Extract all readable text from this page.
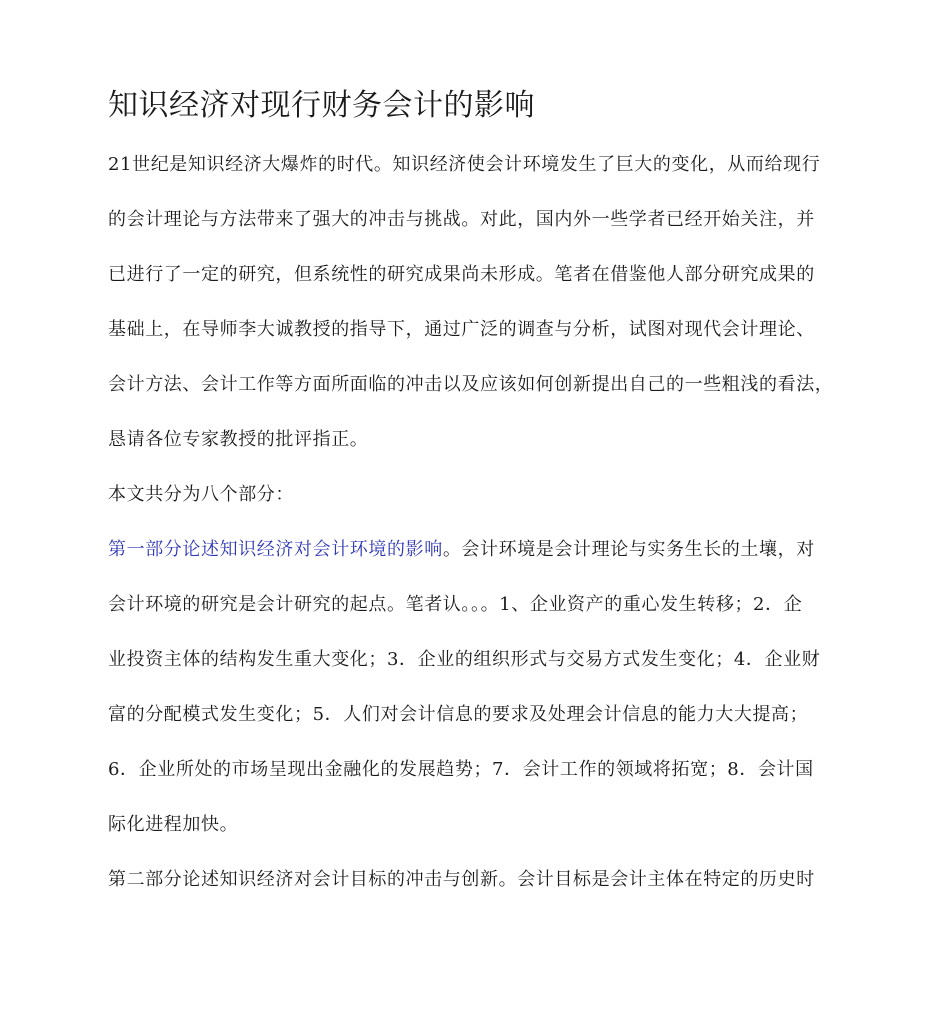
知识经济对现行财务会计的影响

21世纪是知识经济大爆炸的时代。知识经济使会计环境发生了巨大的变化，从而给现行

的会计理论与方法带来了强大的冲击与挑战。对此，国内外一些学者已经开始关注，并

已进行了一定的研究，但系统性的研究成果尚未形成。笔者在借鉴他人部分研究成果的

基础上，在导师李大诚教授的指导下，通过广泛的调查与分析，试图对现代会计理论、

会计方法、会计工作等方面所面临的冲击以及应该如何创新提出自己的一些粗浅的看法，

恳请各位专家教授的批评指正。

本文共分为八个部分：

第一部分论述知识经济对会计环境的影响。会计环境是会计理论与实务生长的土壤，对

会计环境的研究是会计研究的起点。笔者认。。。1、企业资产的重心发生转移；2．企

业投资主体的结构发生重大变化；3．企业的组织形式与交易方式发生变化；4．企业财

富的分配模式发生变化；5．人们对会计信息的要求及处理会计信息的能力大大提高；

6．企业所处的市场呈现出金融化的发展趋势；7．会计工作的领域将拓宽；8．会计国

际化进程加快。

第二部分论述知识经济对会计目标的冲击与创新。会计目标是会计主体在特定的历史时
